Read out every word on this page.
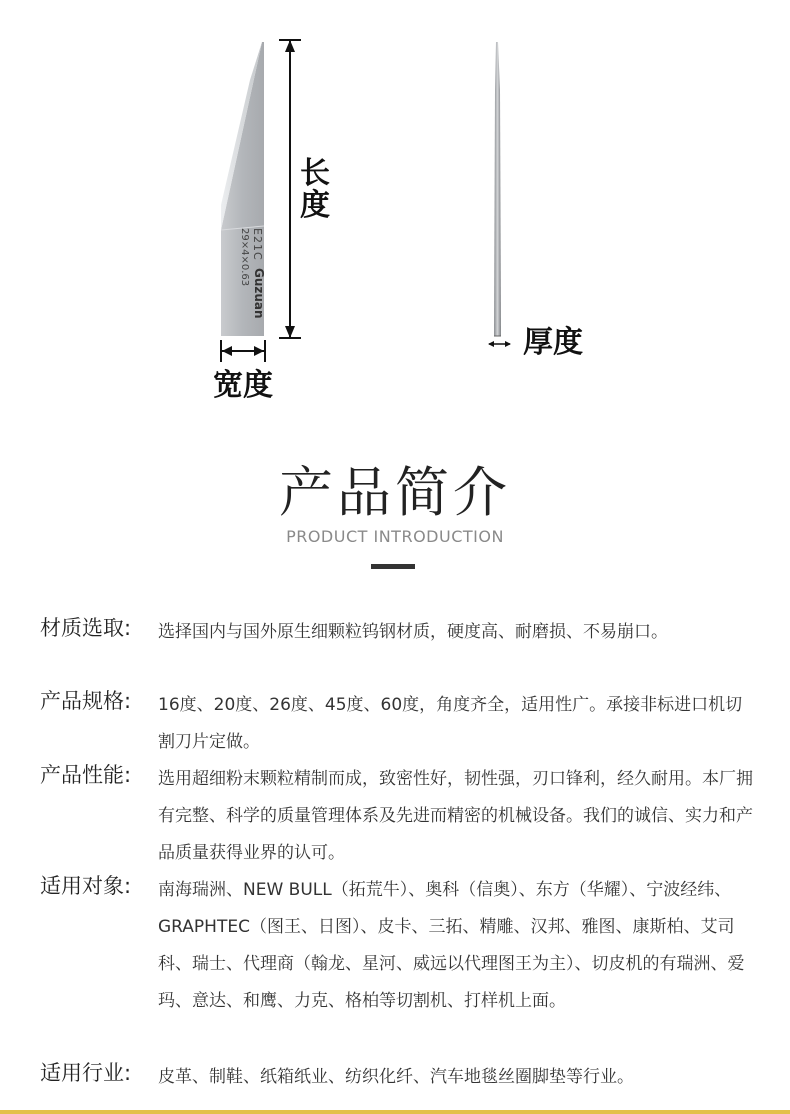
E21C
Guzuan
29×4×0.63
长度
宽度
厚度
产品简介
PRODUCT INTRODUCTION
材质选取:	选择国内与国外原生细颗粒钨钢材质，硬度高、耐磨损、不易崩口。
产品规格:	16度、20度、26度、45度、60度，角度齐全，适用性广。承接非标进口机切割刀片定做。
产品性能:	选用超细粉末颗粒精制而成，致密性好，韧性强，刃口锋利，经久耐用。本厂拥有完整、科学的质量管理体系及先进而精密的机械设备。我们的诚信、实力和产品质量获得业界的认可。
适用对象:	南海瑞洲、NEW BULL（拓荒牛）、奥科（信奥）、东方（华耀）、宁波经纬、GRAPHTEC（图王、日图）、皮卡、三拓、精雕、汉邦、雅图、康斯柏、艾司科、瑞士、代理商（翰龙、星河、威远以代理图王为主）、切皮机的有瑞洲、爱玛、意达、和鹰、力克、格柏等切割机、打样机上面。
适用行业:	皮革、制鞋、纸箱纸业、纺织化纤、汽车地毯丝圈脚垫等行业。
